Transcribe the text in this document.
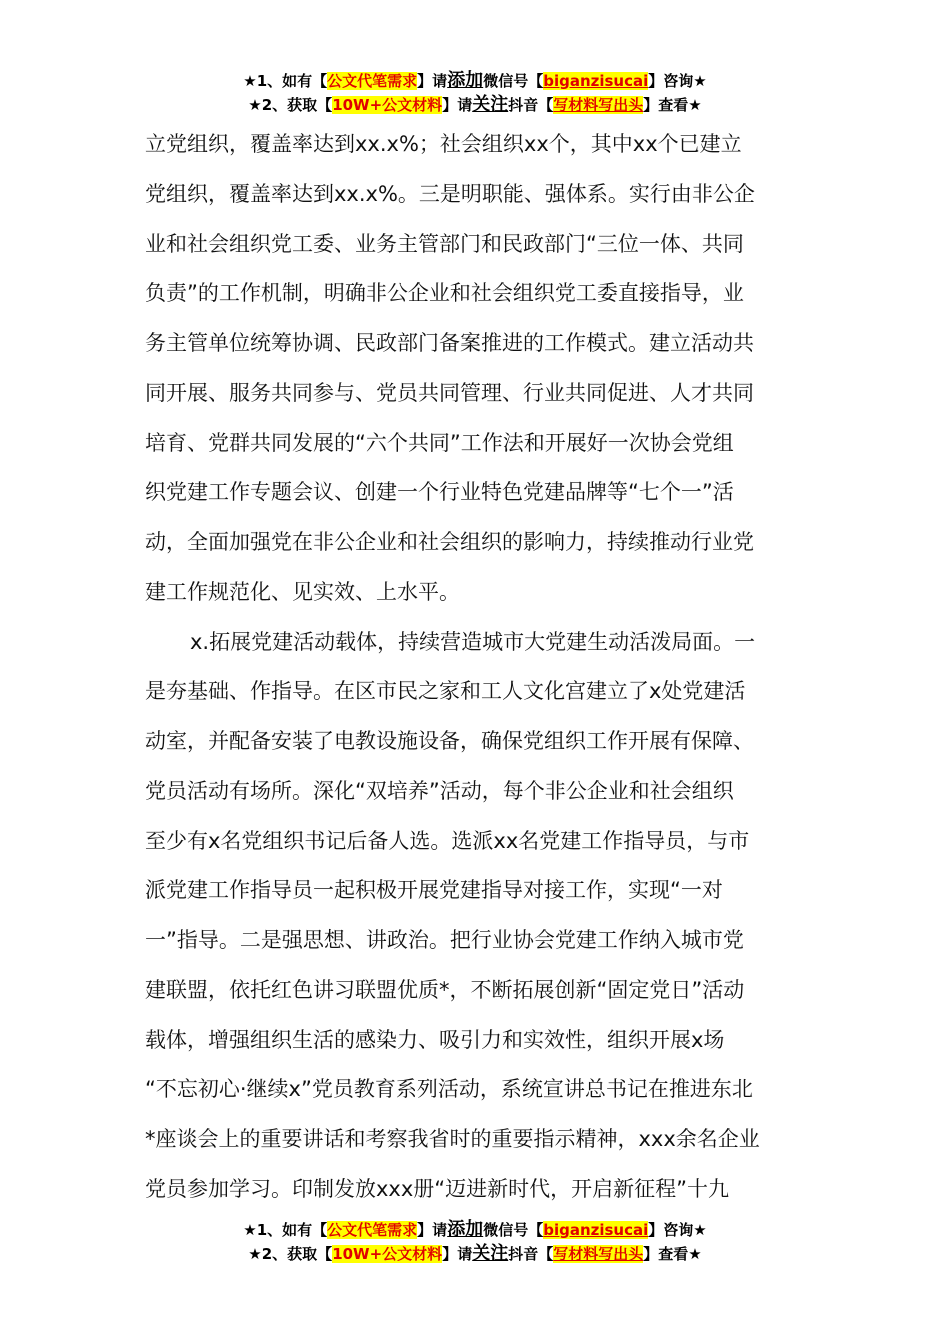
★1、如有【公文代笔需求】请添加微信号【biganzisucai】咨询★
★2、获取【10W+公文材料】请关注抖音【写材料写出头】查看★
立党组织，覆盖率达到xx.x%；社会组织xx个，其中xx个已建立
党组织，覆盖率达到xx.x%。三是明职能、强体系。实行由非公企
业和社会组织党工委、业务主管部门和民政部门“三位一体、共同
负责”的工作机制，明确非公企业和社会组织党工委直接指导，业
务主管单位统筹协调、民政部门备案推进的工作模式。建立活动共
同开展、服务共同参与、党员共同管理、行业共同促进、人才共同
培育、党群共同发展的“六个共同”工作法和开展好一次协会党组
织党建工作专题会议、创建一个行业特色党建品牌等“七个一”活
动，全面加强党在非公企业和社会组织的影响力，持续推动行业党
建工作规范化、见实效、上水平。
x.拓展党建活动载体，持续营造城市大党建生动活泼局面。一
是夯基础、作指导。在区市民之家和工人文化宫建立了x处党建活
动室，并配备安装了电教设施设备，确保党组织工作开展有保障、
党员活动有场所。深化“双培养”活动，每个非公企业和社会组织
至少有x名党组织书记后备人选。选派xx名党建工作指导员，与市
派党建工作指导员一起积极开展党建指导对接工作，实现“一对
一”指导。二是强思想、讲政治。把行业协会党建工作纳入城市党
建联盟，依托红色讲习联盟优质*，不断拓展创新“固定党日”活动
载体，增强组织生活的感染力、吸引力和实效性，组织开展x场
“不忘初心·继续x”党员教育系列活动，系统宣讲总书记在推进东北
*座谈会上的重要讲话和考察我省时的重要指示精神，xxx余名企业
党员参加学习。印制发放xxx册“迈进新时代，开启新征程”十九
★1、如有【公文代笔需求】请添加微信号【biganzisucai】咨询★
★2、获取【10W+公文材料】请关注抖音【写材料写出头】查看★
